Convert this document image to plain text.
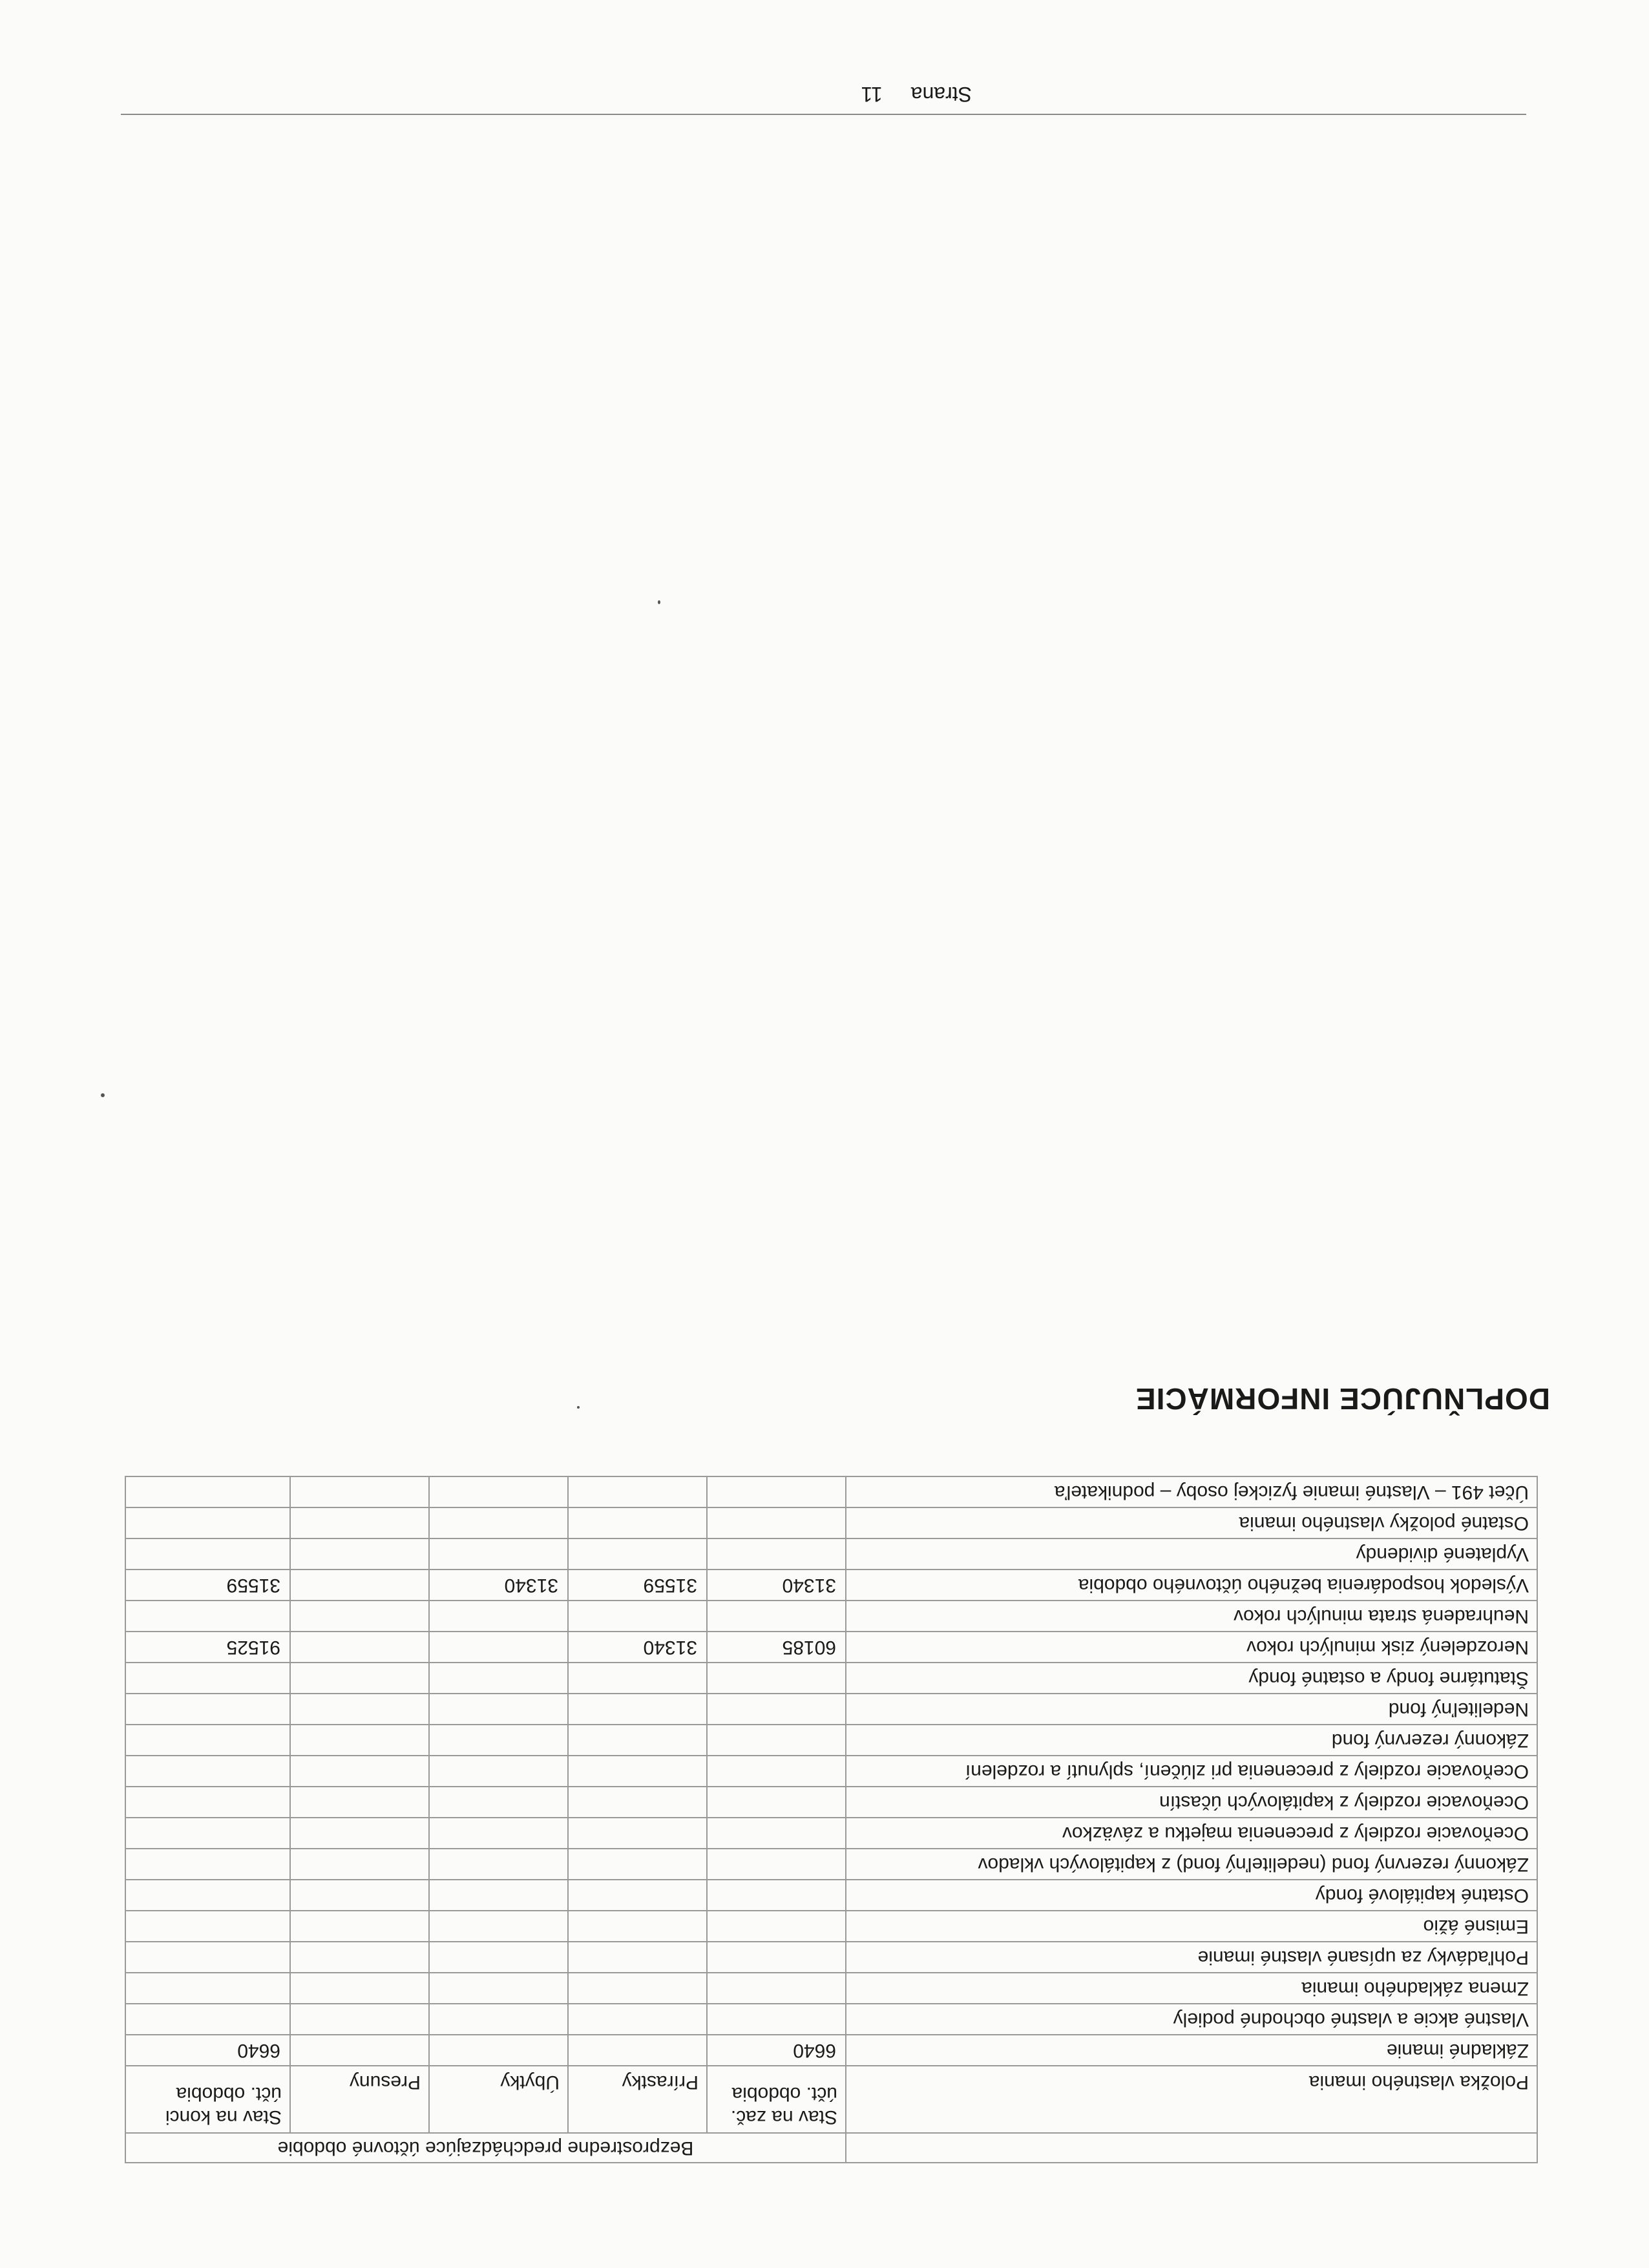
	Bezprostredne predchádzajúce účtovné obdobie				
Položka vlastného imania	Stav na zač. účt. obdobia	Prírastky	Úbytky	Presuny	Stav na konci účt. obdobia
Základné imanie	6640				6640
Vlastné akcie a vlastné obchodné podiely					
Zmena základného imania					
Pohľadávky za upísané vlastné imanie					
Emisné ážio					
Ostatné kapitálové fondy					
Zákonný rezervný fond (nedeliteľný fond) z kapitálových vkladov					
Oceňovacie rozdiely z precenenia majetku a záväzkov					
Oceňovacie rozdiely z kapitálových účastín					
Oceňovacie rozdiely z precenenia pri zlúčení, splynutí a rozdelení					
Zákonný rezervný fond					
Nedeliteľný fond					
Štatutárne fondy a ostatné fondy					
Nerozdelený zisk minulých rokov	60185	31340			91525
Neuhradená strata minulých rokov					
Výsledok hospodárenia bežného účtovného obdobia	31340	31559	31340		31559
Vyplatené dividendy					
Ostatné položky vlastného imania					
Účet 491 – Vlastné imanie fyzickej osoby – podnikateľa					
DOPLŇUJÚCE INFORMÁCIE
Strana11
